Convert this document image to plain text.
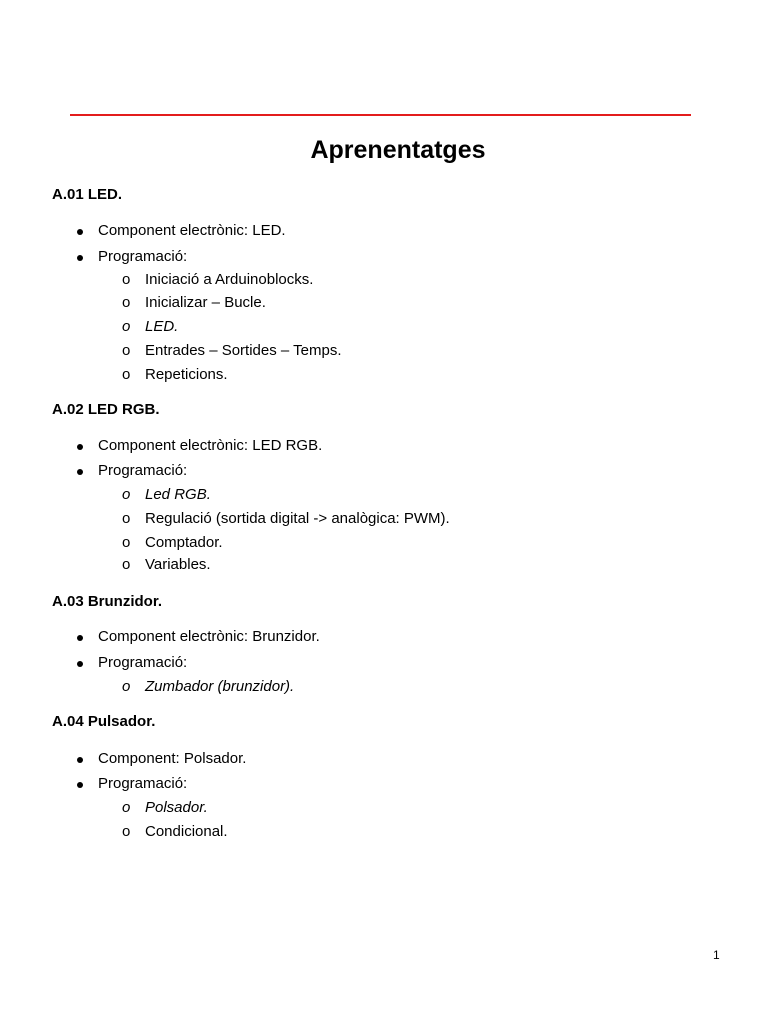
Aprenentatges
A.01 LED.
Component electrònic: LED.
Programació:
o Iniciació a Arduinoblocks.
o Inicializar – Bucle.
o LED.
o Entrades – Sortides – Temps.
o Repeticions.
A.02 LED RGB.
Component electrònic: LED RGB.
Programació:
o Led RGB.
o Regulació (sortida digital -> analògica: PWM).
o Comptador.
o Variables.
A.03 Brunzidor.
Component electrònic: Brunzidor.
Programació:
o Zumbador (brunzidor).
A.04 Pulsador.
Component: Polsador.
Programació:
o Polsador.
o Condicional.
1
